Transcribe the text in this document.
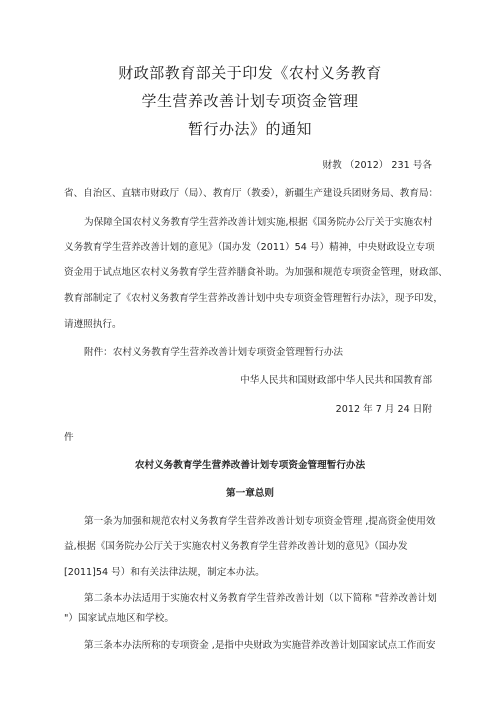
财政部教育部关于印发《农村义务教育
学生营养改善计划专项资金管理
暂行办法》的通知
财教 （2012） 231 号各
省、自治区、直辖市财政厅（局）、教育厅（教委），新疆生产建设兵团财务局、教育局：
为保障全国农村义务教育学生营养改善计划实施,根据《国务院办公厅关于实施农村
义务教育学生营养改善计划的意见》（国办发（2011）54 号）精神，中央财政设立专项
资金用于试点地区农村义务教育学生营养膳食补助。为加强和规范专项资金管理，财政部、
教育部制定了《农村义务教育学生营养改善计划中央专项资金管理暂行办法》，现予印发，
请遵照执行。
附件：农村义务教育学生营养改善计划专项资金管理暂行办法
中华人民共和国财政部中华人民共和国教育部
2012 年 7 月 24 日附
件
农村义务教育学生营养改善计划专项资金管理暂行办法
第一章总则
第一条为加强和规范农村义务教育学生营养改善计划专项资金管理 ,提高资金使用效
益,根据《国务院办公厅关于实施农村义务教育学生营养改善计划的意见》（国办发
[2011]54 号）和有关法律法规，制定本办法。
第二条本办法适用于实施农村义务教育学生营养改善计划（以下简称 "营养改善计划
"）国家试点地区和学校。
第三条本办法所称的专项资金 ,是指中央财政为实施营养改善计划国家试点工作而安
